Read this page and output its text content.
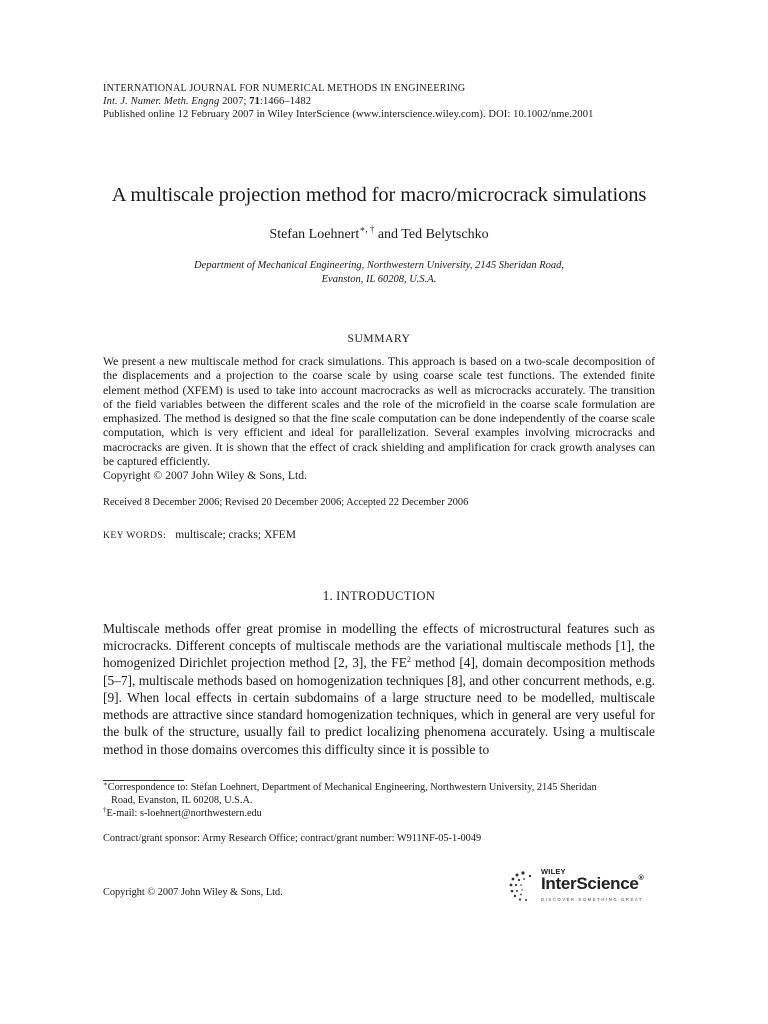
INTERNATIONAL JOURNAL FOR NUMERICAL METHODS IN ENGINEERING
Int. J. Numer. Meth. Engng 2007; 71:1466–1482
Published online 12 February 2007 in Wiley InterScience (www.interscience.wiley.com). DOI: 10.1002/nme.2001
A multiscale projection method for macro/microcrack simulations
Stefan Loehnert∗, † and Ted Belytschko
Department of Mechanical Engineering, Northwestern University, 2145 Sheridan Road,
Evanston, IL 60208, U.S.A.
SUMMARY

We present a new multiscale method for crack simulations. This approach is based on a two-scale decomposition of the displacements and a projection to the coarse scale by using coarse scale test functions. The extended finite element method (XFEM) is used to take into account macrocracks as well as microcracks accurately. The transition of the field variables between the different scales and the role of the microfield in the coarse scale formulation are emphasized. The method is designed so that the fine scale computation can be done independently of the coarse scale computation, which is very efficient and ideal for parallelization. Several examples involving microcracks and macrocracks are given. It is shown that the effect of crack shielding and amplification for crack growth analyses can be captured efficiently.

Copyright © 2007 John Wiley & Sons, Ltd.

Received 8 December 2006; Revised 20 December 2006; Accepted 22 December 2006
KEY WORDS: multiscale; cracks; XFEM
1. INTRODUCTION

Multiscale methods offer great promise in modelling the effects of microstructural features such as microcracks. Different concepts of multiscale methods are the variational multiscale methods [1], the homogenized Dirichlet projection method [2, 3], the $FE^2$ method [4], domain decomposition methods [5–7], multiscale methods based on homogenization techniques [8], and other concurrent methods, e.g. [9]. When local effects in certain subdomains of a large structure need to be modelled, multiscale methods are attractive since standard homogenization techniques, which in general are very useful for the bulk of the structure, usually fail to predict localizing phenomena accurately. Using a multiscale method in those domains overcomes this difficulty since it is possible to

∗Correspondence to: Stefan Loehnert, Department of Mechanical Engineering, Northwestern University, 2145 Sheridan
Road, Evanston, IL 60208, U.S.A.
†E-mail: s-loehnert@northwestern.edu
Contract/grant sponsor: Army Research Office; contract/grant number: W911NF-05-1-0049
Copyright © 2007 John Wiley & Sons, Ltd.
WILEY
InterScience®
DISCOVER SOMETHING GREAT
